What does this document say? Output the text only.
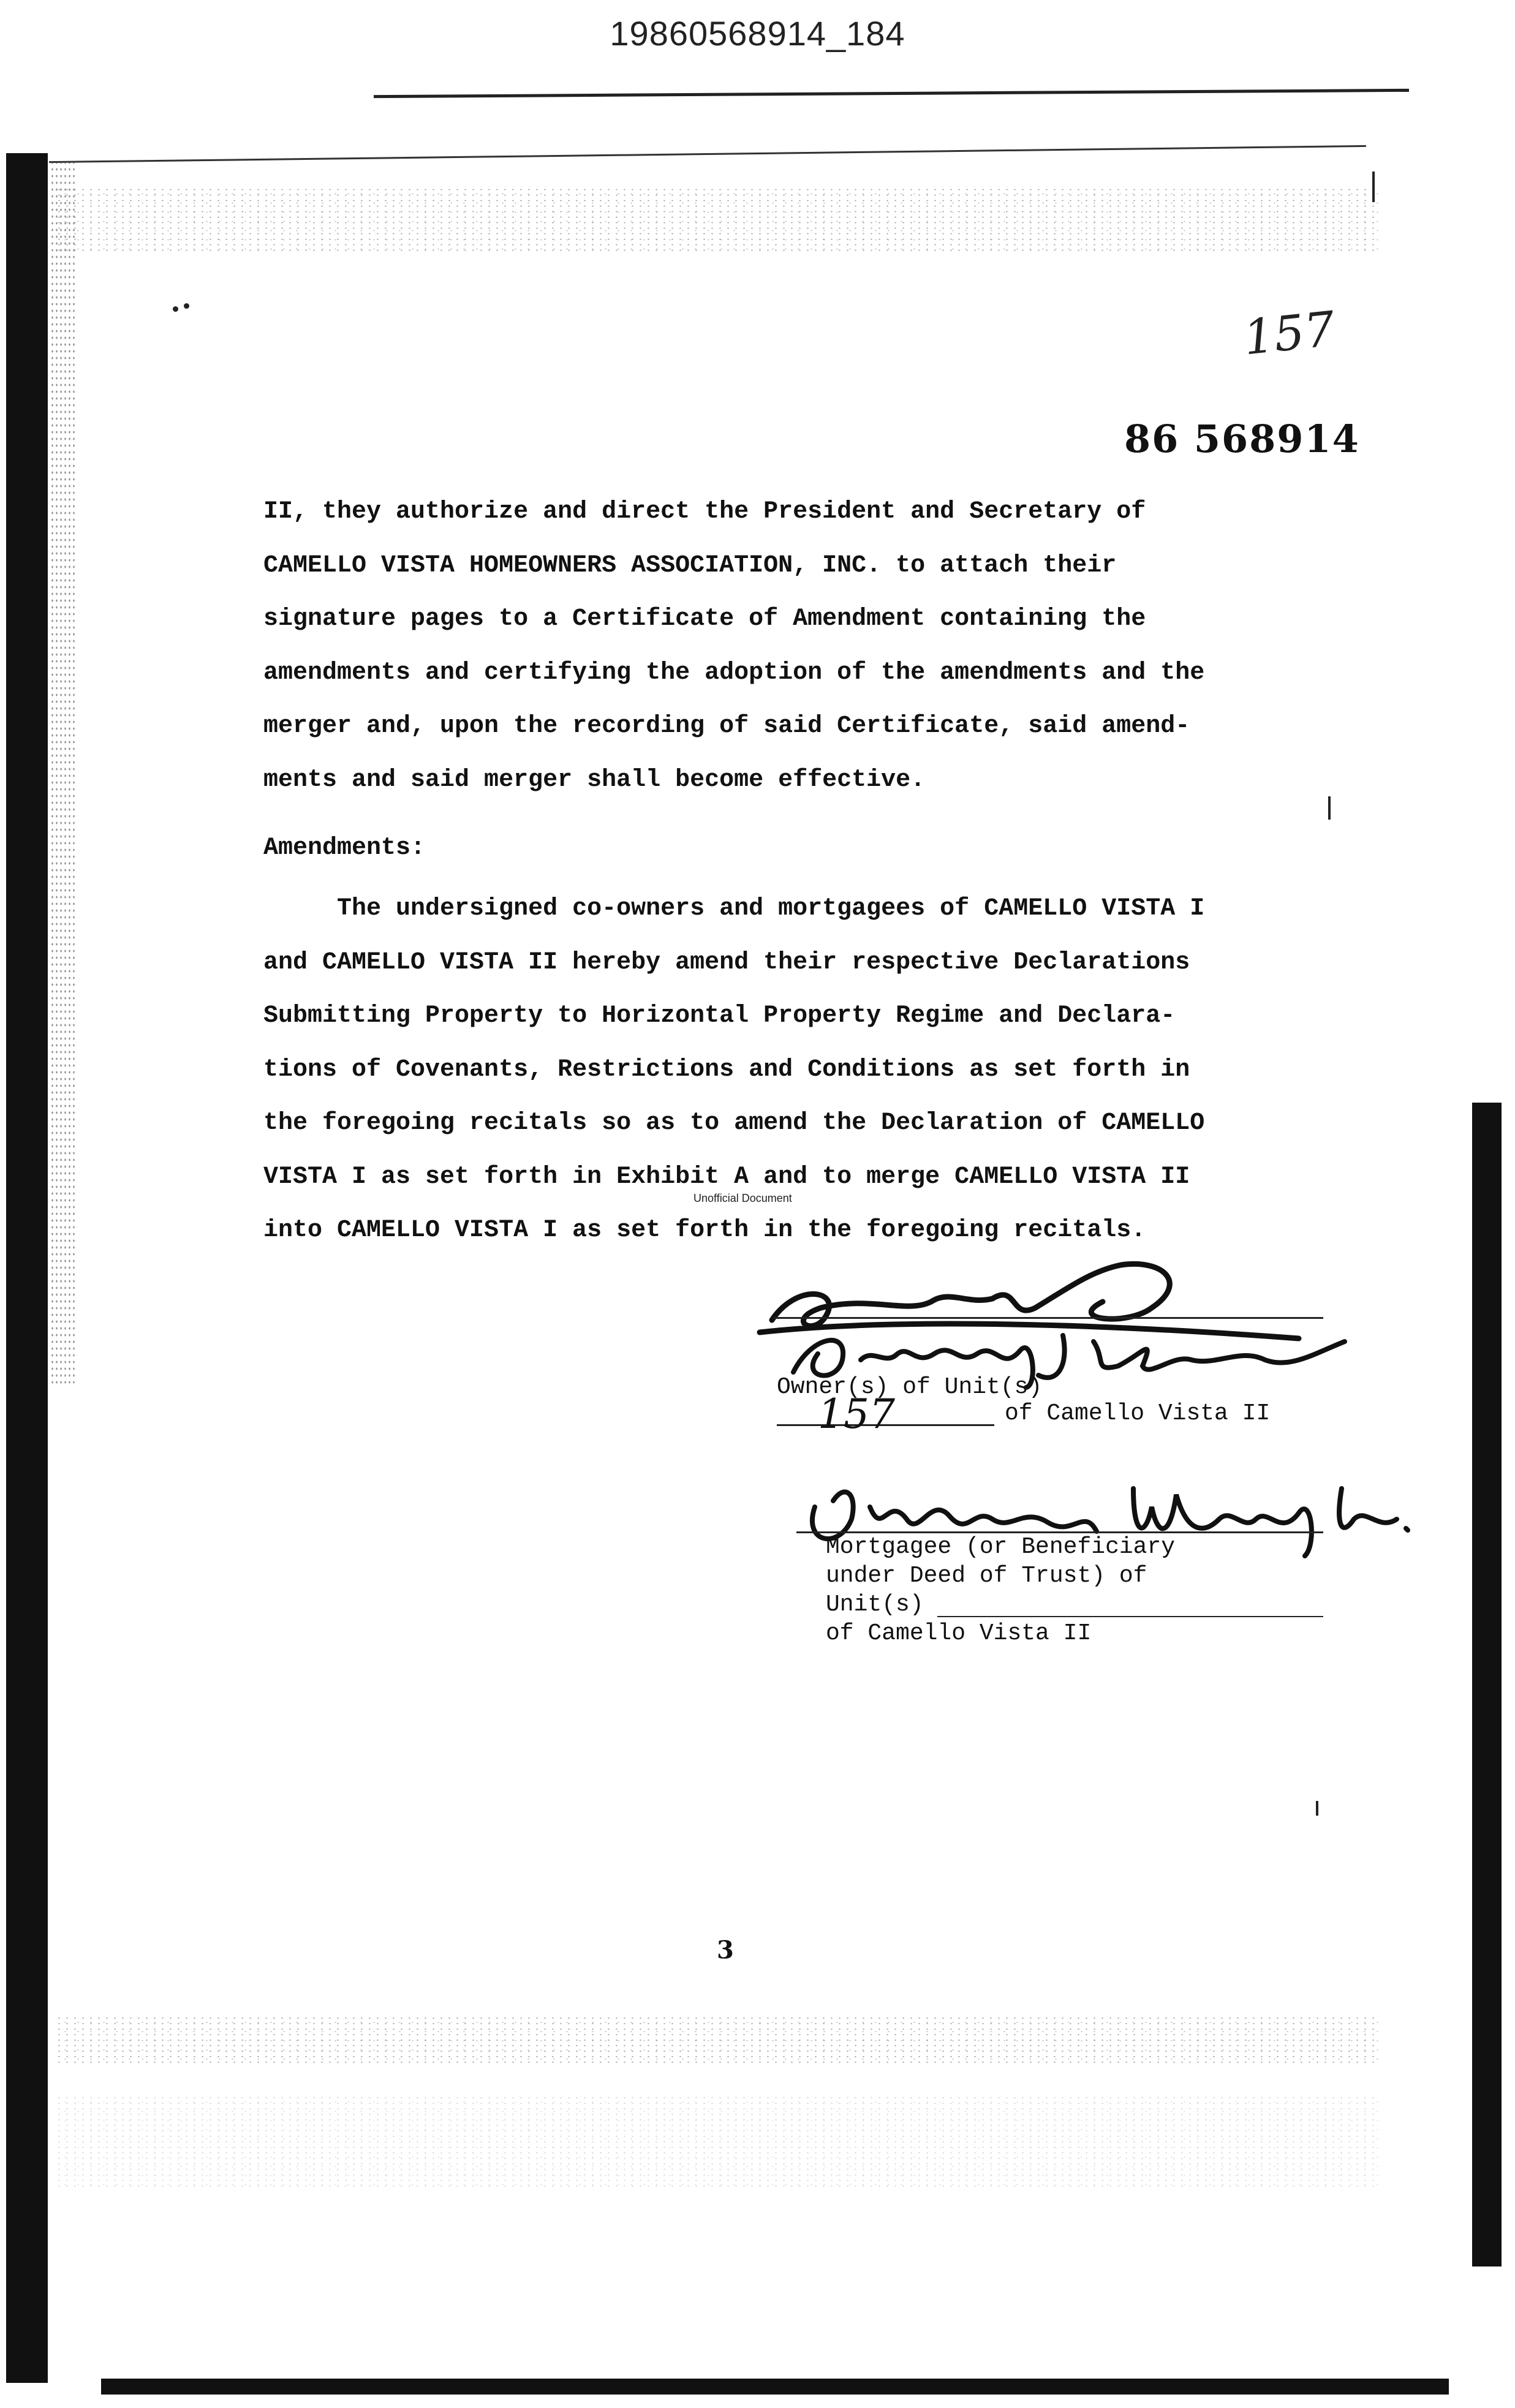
19860568914_184
157
86 568914
II, they authorize and direct the President and Secretary of
CAMELLO VISTA HOMEOWNERS ASSOCIATION, INC. to attach their
signature pages to a Certificate of Amendment containing the
amendments and certifying the adoption of the amendments and the
merger and, upon the recording of said Certificate, said amend-
ments and said merger shall become effective.
Amendments:
The undersigned co-owners and mortgagees of CAMELLO VISTA I
and CAMELLO VISTA II hereby amend their respective Declarations
Submitting Property to Horizontal Property Regime and Declara-
tions of Covenants, Restrictions and Conditions as set forth in
the foregoing recitals so as to amend the Declaration of CAMELLO
VISTA I as set forth in Exhibit A and to merge CAMELLO VISTA II
into CAMELLO VISTA I as set forth in the foregoing recitals.
Unofficial Document
Owner(s) of Unit(s)
157	of Camello Vista II
Mortgagee (or Beneficiary
under Deed of Trust) of
Unit(s)
of Camello Vista II
3
